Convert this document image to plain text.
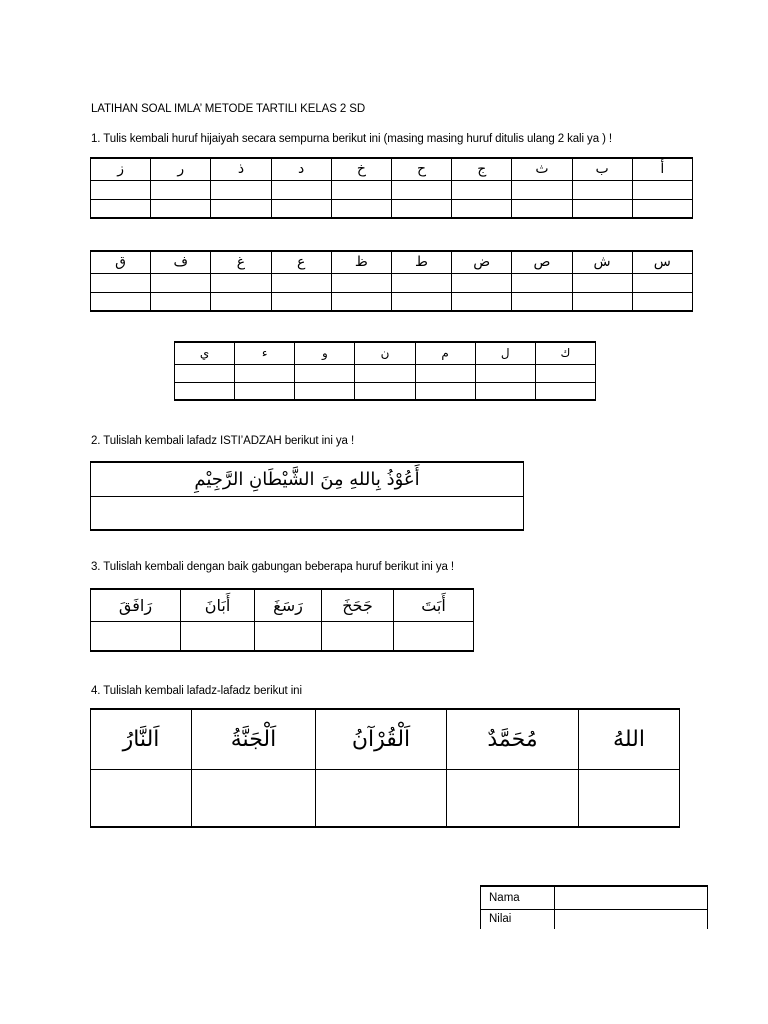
LATIHAN SOAL IMLA’ METODE TARTILI KELAS 2 SD
1. Tulis kembali huruf hijaiyah secara sempurna berikut ini (masing masing huruf ditulis ulang 2 kali ya ) !
ز	ر	ذ	د	خ	ح	ج	ث	ب	أ

ق	ف	غ	ع	ظ	ط	ض	ص	ش	س

ي	ء	و	ن	م	ل	ك

2. Tulislah kembali lafadz ISTI’ADZAH berikut ini ya !
أَعُوْذُ بِاللهِ مِنَ الشَّيْطَانِ الرَّجِيْمِ

3. Tulislah kembali dengan baik gabungan beberapa huruf berikut ini ya !
رَافَقَ	أَبَانَ	رَسَغَ	جَحَخَ	أَبَتَ

4. Tulislah kembali lafadz-lafadz berikut ini
اَلنَّارُ	اَلْجَنَّةُ	اَلْقُرْآنُ	مُحَمَّدٌ	اللهُ

Nama	
Nilai	
